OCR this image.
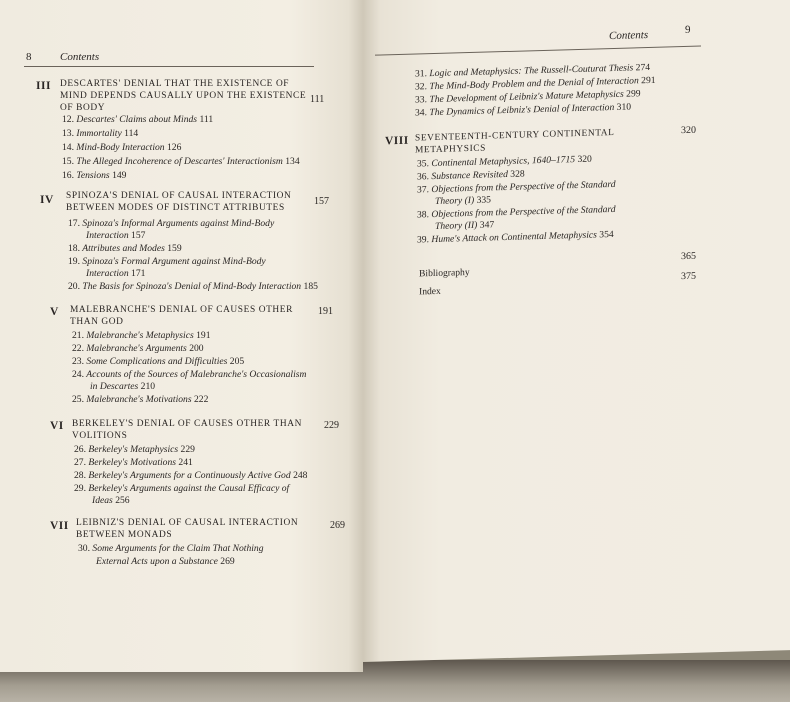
8	Contents
III DESCARTES' DENIAL THAT THE EXISTENCE OF
MIND DEPENDS CAUSALLY UPON THE EXISTENCE
OF BODY
111
12. Descartes' Claims about Minds 111
13. Immortality 114
14. Mind-Body Interaction 126
15. The Alleged Incoherence of Descartes' Interactionism 134
16. Tensions 149
IV SPINOZA'S DENIAL OF CAUSAL INTERACTION
BETWEEN MODES OF DISTINCT ATTRIBUTES
157
17. Spinoza's Informal Arguments against Mind-Body
Interaction 157
18. Attributes and Modes 159
19. Spinoza's Formal Argument against Mind-Body
Interaction 171
20. The Basis for Spinoza's Denial of Mind-Body Interaction 185
V MALEBRANCHE'S DENIAL OF CAUSES OTHER
THAN GOD
191
21. Malebranche's Metaphysics 191
22. Malebranche's Arguments 200
23. Some Complications and Difficulties 205
24. Accounts of the Sources of Malebranche's Occasionalism
in Descartes 210
25. Malebranche's Motivations 222
VI BERKELEY'S DENIAL OF CAUSES OTHER THAN
VOLITIONS
229
26. Berkeley's Metaphysics 229
27. Berkeley's Motivations 241
28. Berkeley's Arguments for a Continuously Active God 248
29. Berkeley's Arguments against the Causal Efficacy of
Ideas 256
VII LEIBNIZ'S DENIAL OF CAUSAL INTERACTION
BETWEEN MONADS
269
30. Some Arguments for the Claim That Nothing
External Acts upon a Substance 269
Contents	9
31. Logic and Metaphysics: The Russell-Couturat Thesis 274
32. The Mind-Body Problem and the Denial of Interaction 291
33. The Development of Leibniz's Mature Metaphysics 299
34. The Dynamics of Leibniz's Denial of Interaction 310
VIII SEVENTEENTH-CENTURY CONTINENTAL
METAPHYSICS
320
35. Continental Metaphysics, 1640–1715 320
36. Substance Revisited 328
37. Objections from the Perspective of the Standard
Theory (I) 335
38. Objections from the Perspective of the Standard
Theory (II) 347
39. Hume's Attack on Continental Metaphysics 354
Bibliography
365
Index
375
